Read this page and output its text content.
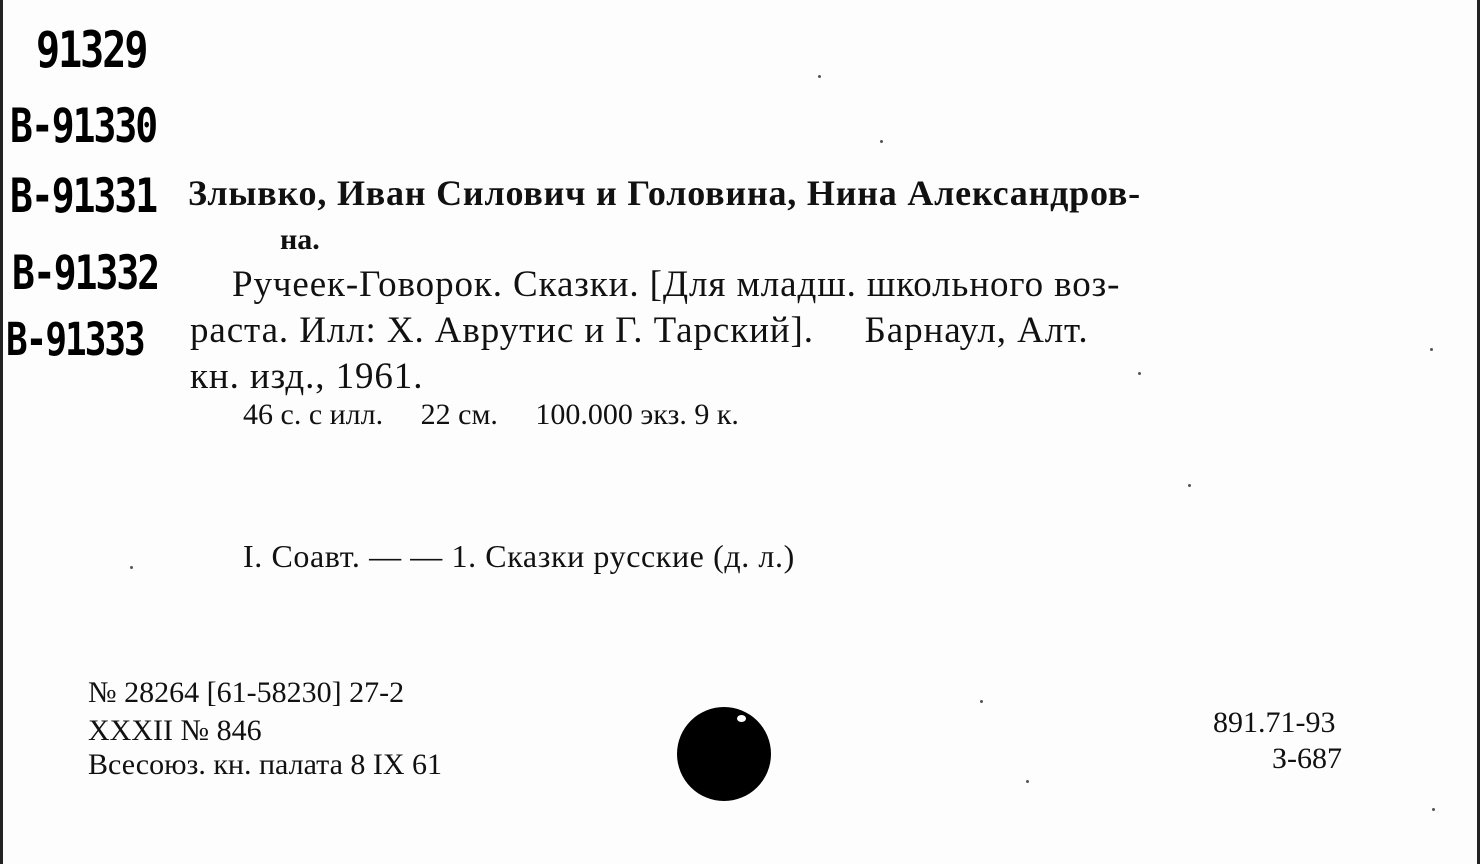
91329
B-91330
B-91331
B-91332
B-91333
Злывко, Иван Силович и Головина, Нина Александров-
на.
Ручеек-Говорок. Сказки. [Для младш. школьного воз-
раста. Илл: Х. Аврутис и Г. Тарский].     Барнаул, Алт.
кн. изд., 1961.
46 с. с илл.     22 см.     100.000 экз. 9 к.
I. Соавт. — — 1. Сказки русские (д. л.)
№ 28264 [61-58230] 27-2
XXXII № 846
Всесоюз. кн. палата 8 IX 61
891.71-93
З-687
